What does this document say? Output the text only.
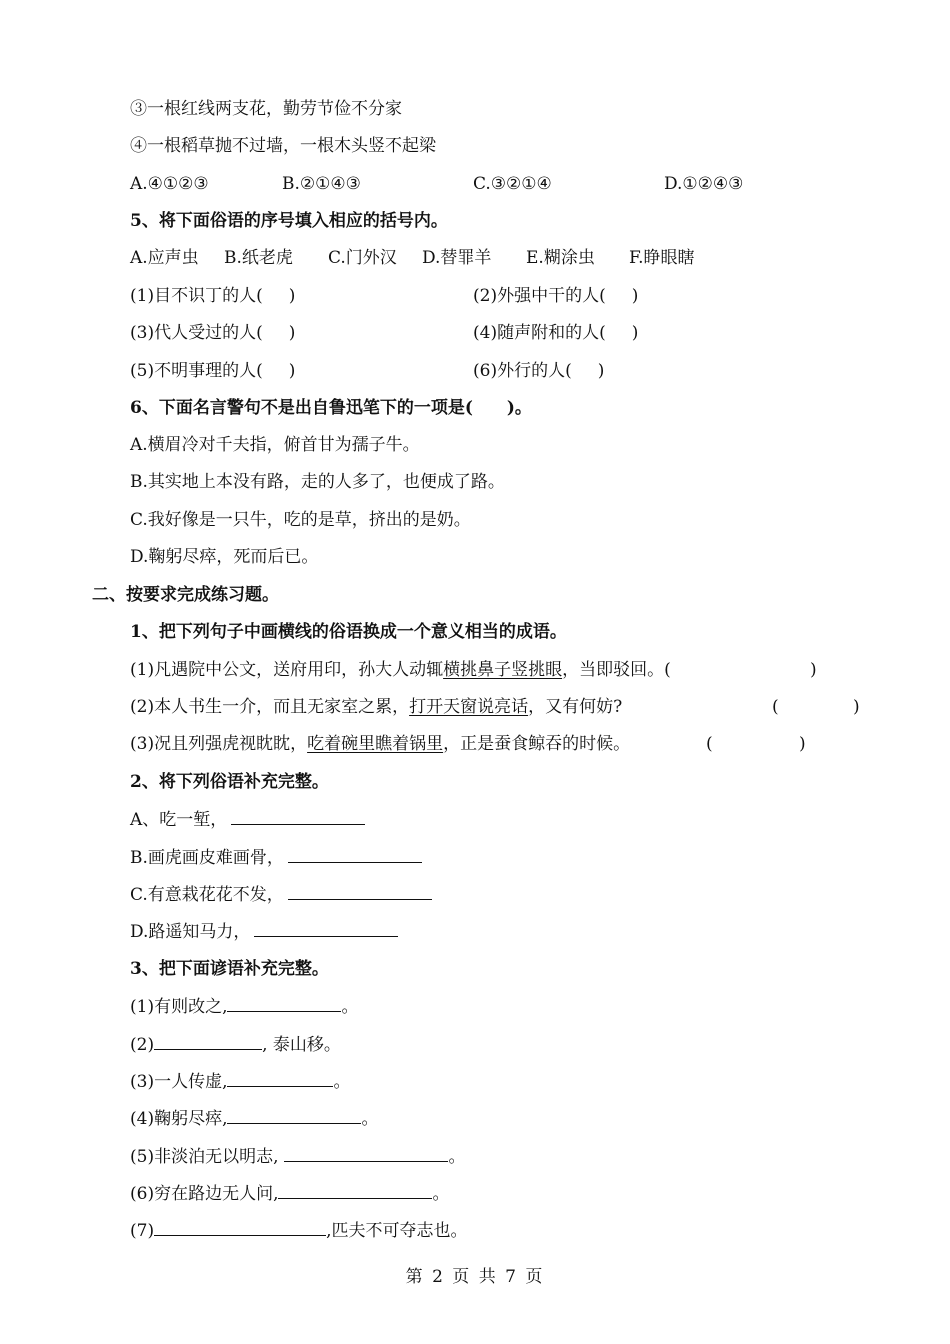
③一根红线两支花，勤劳节俭不分家
④一根稻草抛不过墙，一根木头竖不起梁
A.④①②③	B.②①④③	C.③②①④	D.①②④③
5、将下面俗语的序号填入相应的括号内。
A.应声虫 B.纸老虎 C.门外汉 D.替罪羊 E.糊涂虫 F.睁眼瞎
(1)目不识丁的人( )	(2)外强中干的人( )
(3)代人受过的人( )	(4)随声附和的人( )
(5)不明事理的人( )	(6)外行的人( )
6、下面名言警句不是出自鲁迅笔下的一项是(　　)。
A.横眉冷对千夫指，俯首甘为孺子牛。
B.其实地上本没有路，走的人多了，也便成了路。
C.我好像是一只牛，吃的是草，挤出的是奶。
D.鞠躬尽瘁，死而后已。
二、按要求完成练习题。
1、把下列句子中画横线的俗语换成一个意义相当的成语。
(1)凡遇院中公文，送府用印，孙大人动辄横挑鼻子竖挑眼，当即驳回。(	)
(2)本人书生一介，而且无家室之累，打开天窗说亮话，又有何妨?	(	)
(3)况且列强虎视眈眈，吃着碗里瞧着锅里，正是蚕食鲸吞的时候。	(	)
2、将下列俗语补充完整。
A、吃一堑，
B.画虎画皮难画骨，
C.有意栽花花不发，
D.路遥知马力，
3、把下面谚语补充完整。
(1)有则改之,	。
(2)	, 泰山移。
(3)一人传虚,	。
(4)鞠躬尽瘁,	。
(5)非淡泊无以明志,	。
(6)穷在路边无人问,	。
(7)	,匹夫不可夺志也。
第 2 页 共 7 页
